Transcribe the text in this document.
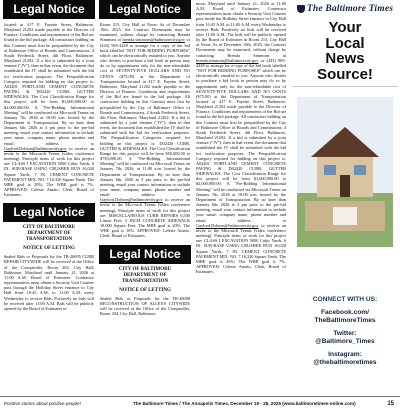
Legal Notice
located at 417 E. Fayette Street, Baltimore, Maryland 21202 made payable to the Director of Finance. Conditions and requirements of the Bid are found in the bid package. All contractors bidding on this Contract must first be prequalified by the City of Baltimore Office of Boards and Commissions, 4 South Frederick Street, 4th Floor, Baltimore, Maryland 21202. If a bid is submitted by a joint venture ("JV"), then in that event, the document that established the JV shall be submitted with the bid for verification purposes. The Prequalification Category required for bidding on this project is: A02401 PORTLAND CEMENT CONCRETE PAVING & D02420 CURB, GUTTER SIDEWALKS. The Cost Classification Range for this project will be from $1,600,000.00 to $2,000,000.00. A "Pre-Bidding Informational Meeting" will be conducted via Microsoft Teams on January 7th, 2026 at 10:00 a.m. hosted by the Department of Transportation. By no later than January 6th, 2026 at 3 pm prior to the pre-bid meeting, email your contact information to include your name, company name, phone number and email address to Gaylord.Dobson@baltimorecity.gov to receive an invite to the Microsoft Teams (video conference meeting). Principle items of work for this project are: CLASS I EXCAVATION 5000 Cubic Yards, 6 IN. SUB-BASE USING CRUSHER RUN 16,020 Square Yards, 7 IN. CEMENT CONCRETE PAVEMENT MIX. NO. 7 16,320 Square Yards. The MBE goal is 20%; The WBE goal is 7%. APPROVED: Celeste Amato, Clerk, Board of Estimates.
Legal Notice
CITY OF BALTIMORE
DEPARTMENT OF
TRANSPORTATION
NOTICE OF LETTING
Sealed Bids or Proposals for the TR-26005 CURB REPAIR CITYWIDE will be received at the Office of the Comptroller, Room 204, City Hall, Baltimore, Maryland until January 21, 2026 at 11:00 A.M. Board of Estimates. Contractor representatives must obtain a Security Unit Counter pass through the Holliday Street entrance to City Hall from 10:45 A.M. to 11:00 A.M. every Wednesday to receive Bids. Positively no bids will be received after 11:00 A.M. Bids will be publicly opened by the Board of Estimates in
Legal Notice
Room 215, City Hall at Noon. As of December 19th, 2025, the Contract Documents may be examined, without charge by contacting Brenda Simmons at brenda.simmons@baltimorecity.gov or (443) 965-4428 to arrange for a copy of the bid book labelled "NOT FOR BIDDING PURPOSES" which can be electronically emailed to you. Anyone who desires to purchase a bid book in person may do so by appointment only for the non-refundable cost of SEVENTY-FIVE DOLLARS AND NO CENTS ($75.00) at the Department of Transportation located at 417 E. Fayette Street, Baltimore, Maryland 21202 made payable to the Director of Finance. Conditions and requirements of the Bid are found in the bid package. All contractors bidding on this Contract must first be prequalified by the City of Baltimore Office of Boards and Commissions, 4 South Frederick Street, 4th Floor, Baltimore, Maryland 21202. If a bid is submitted by a joint venture ("JV"), then in that event, the document that established the JV shall be submitted with the bid for verification purposes. The Prequalification Categories required for bidding on this project is: D02420 CURB, GUTTER & SIDEWALKS. The Cost Classification Range for this project will be from $50,000.00 to $750,000.00. A "Pre-Bidding Informational Meeting" will be conducted via Microsoft Teams on January 7th, 2026, at 11:00 a.m. hosted by the Department of Transportation. By no later than January 6th, 2026 at 3 pm prior to the pre-bid meeting, email your contact information to include your name, company name, phone number and email address to Gaylord.Dobson@baltimorecity.gov to receive an invite to the Microsoft Teams (video conference meeting). Principle items of work for this project are: MISCELLANEOUS CURB REPAIRS 6,500 Linear Feet; 5 INCH CONCRETE SIDEWALK 18,000 Square Feet. The MBE goal is 20%; The WBE goal is 10%. APPROVED: Celeste Amato, Clerk, Board of Estimates.
Legal Notice
CITY OF BALTIMORE
DEPARTMENT OF
TRANSPORTATION
NOTICE OF LETTING
Sealed Bids or Proposals for the TR-26008 RECONSTRUCTION OF ALLEYS CITYWIDE will be received at the Office of the Comptroller, Room 204, City Hall, Baltimore,
more, Maryland until January 21, 2026 at 11:00 A.M. Board of Estimates. Contractor representatives must obtain a Security Unit Counter pass inside the Holliday Street entrance to City Hall from 10:45 A.M. to 11:00 A.M. every Wednesday to receive Bids. Positively no bids will be received after 11:00 A.M. The bids will be publicly opened by the Board of Estimates in Room 215, City Hall at Noon. As of December 19th, 2025, the Contract Documents may be examined, without charge by contacting Brenda Simmons at brenda.simmons@baltimorecity.gov or (443) 965-4428 to arrange for a copy of the bid book labelled "NOT FOR BIDDING PURPOSES" which can be electronically emailed to you. Anyone who desires to purchase a bid book in person may do so by appointment only for the non-refundable cost of SEVENTY-FIVE DOLLARS AND NO CENTS ($75.00) at the Department of Transportation located at 417 E. Fayette Street, Baltimore, Maryland 21202 made payable to the Director of Finance. Conditions and requirements of the Bid are found in the bid package. All contractors bidding on this Contract must first be prequalified by the City of Baltimore Office of Boards and Commissions, 4 South Frederick Street, 4th Floor, Baltimore, Maryland 21202. If a bid is submitted by a joint venture ("JV"), then in that event, the document that established the JV shall be submitted with the bid for verification purposes. The Prequalification Category required for bidding on this project is: A02401 PORTLAND CEMENT CONCRETE PAVING & D02420 CURB, GUTTER SIDEWALKS. The Cost Classification Range for this project will be from $1,600,000.00 to $2,000,000.00. A "Pre-Bidding Informational Meeting" will be conducted via Microsoft Teams on January 7th, 2026 at 10:00 a.m. hosted by the Department of Transportation. By no later than January 6th, 2026 at 3 pm prior to the pre-bid meeting, email your contact information to include your name, company name, phone number and email address to Gaylord.Dobson@baltimorecity.gov to receive an invite to the Microsoft Teams (video conference meeting). Principle items of work for this project are: CLASS I EXCAVATION 5000 Cubic Yards, 6 IN. SUB-BASE USING CRUSHER RUN 16,020 Square Yards, 7 IN. CEMENT CONCRETE PAVEMENT MIX. NO. 7 16,320 Square Yards. The MBE goal is 20%; The WBE goal is 7%. APPROVED: Celeste Amato, Clerk, Board of Estimates.
The Baltimore Times
Your
Local
News
Source!
CONNECT WITH US:
Facebook.com/
TheBaltimoreTimes
Twitter:
@Baltimore_Times
Instagram:
@thebaltimoretimes
Positive stories about positive people!	The Baltimore Times / The Annapolis Times, December 19 - 25, 2025 (www.baltimoretimes-online.com)	15
